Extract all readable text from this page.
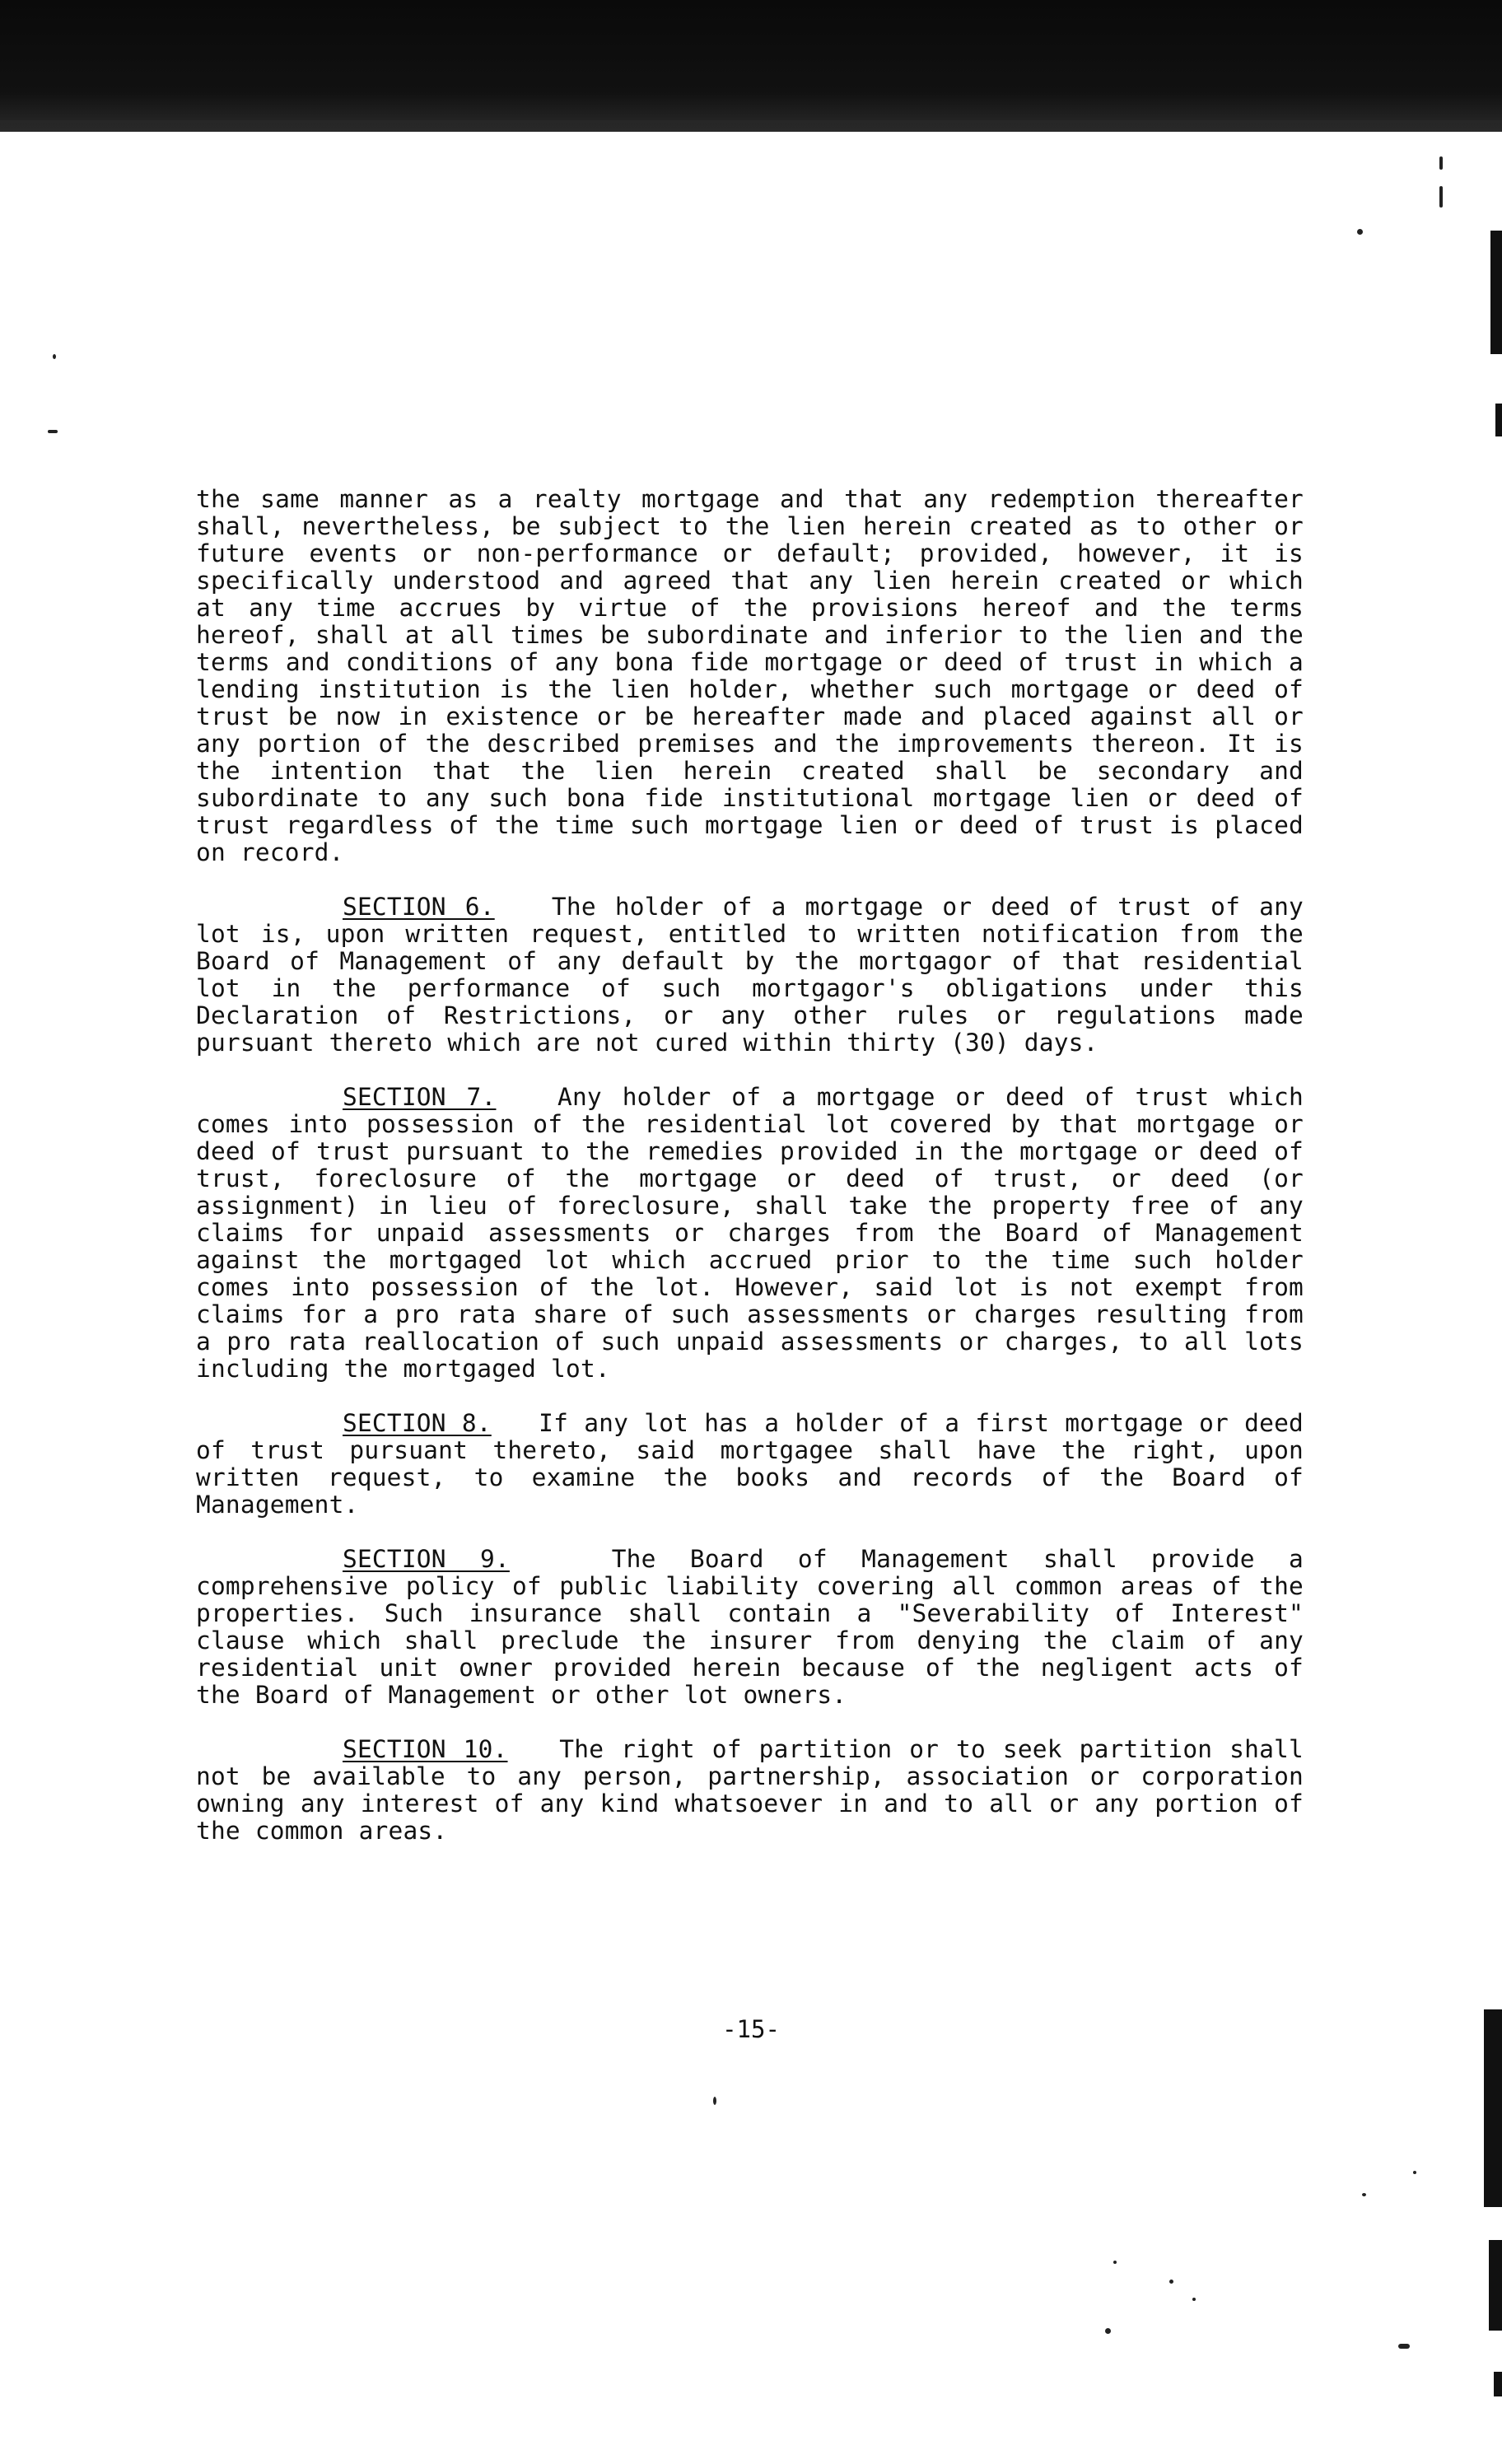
the same manner as a realty mortgage and that any redemption thereafter shall, nevertheless, be subject to the lien herein created as to other or future events or non-performance or default; provided, however, it is specifically understood and agreed that any lien herein created or which at any time accrues by virtue of the provisions hereof and the terms hereof, shall at all times be subordinate and inferior to the lien and the terms and conditions of any bona fide mortgage or deed of trust in which a lending institution is the lien holder, whether such mortgage or deed of trust be now in existence or be hereafter made and placed against all or any portion of the described premises and the improvements thereon. It is the intention that the lien herein created shall be secondary and subordinate to any such bona fide institutional mortgage lien or deed of trust regardless of the time such mortgage lien or deed of trust is placed on record.

SECTION 6. The holder of a mortgage or deed of trust of any lot is, upon written request, entitled to written notification from the Board of Management of any default by the mortgagor of that residential lot in the performance of such mortgagor's obligations under this Declaration of Restrictions, or any other rules or regulations made pursuant thereto which are not cured within thirty (30) days.

SECTION 7.	Any holder of a mortgage or deed of trust which comes into possession of the residential lot covered by that mortgage or deed of trust pursuant to the remedies provided in the mortgage or deed of trust, foreclosure of the mortgage or deed of trust, or deed (or assignment) in lieu of foreclosure, shall take the property free of any claims for unpaid assessments or charges from the Board of Management against the mortgaged lot which accrued prior to the time such holder comes into possession of the lot. However, said lot is not exempt from claims for a pro rata share of such assessments or charges resulting from a pro rata reallocation of such unpaid assessments or charges, to all lots including the mortgaged lot.

SECTION 8. If any lot has a holder of a first mortgage or deed of trust pursuant thereto, said mortgagee shall have the right, upon written request, to examine the books and records of the Board of Management.

SECTION 9.	The Board of Management shall provide a comprehensive policy of public liability covering all common areas of the properties. Such insurance shall contain a "Severability of Interest" clause which shall preclude the insurer from denying the claim of any residential unit owner provided herein because of the negligent acts of the Board of Management or other lot owners.

SECTION 10. The right of partition or to seek partition shall not be available to any person, partnership, association or corporation owning any interest of any kind whatsoever in and to all or any portion of the common areas.

-15-
